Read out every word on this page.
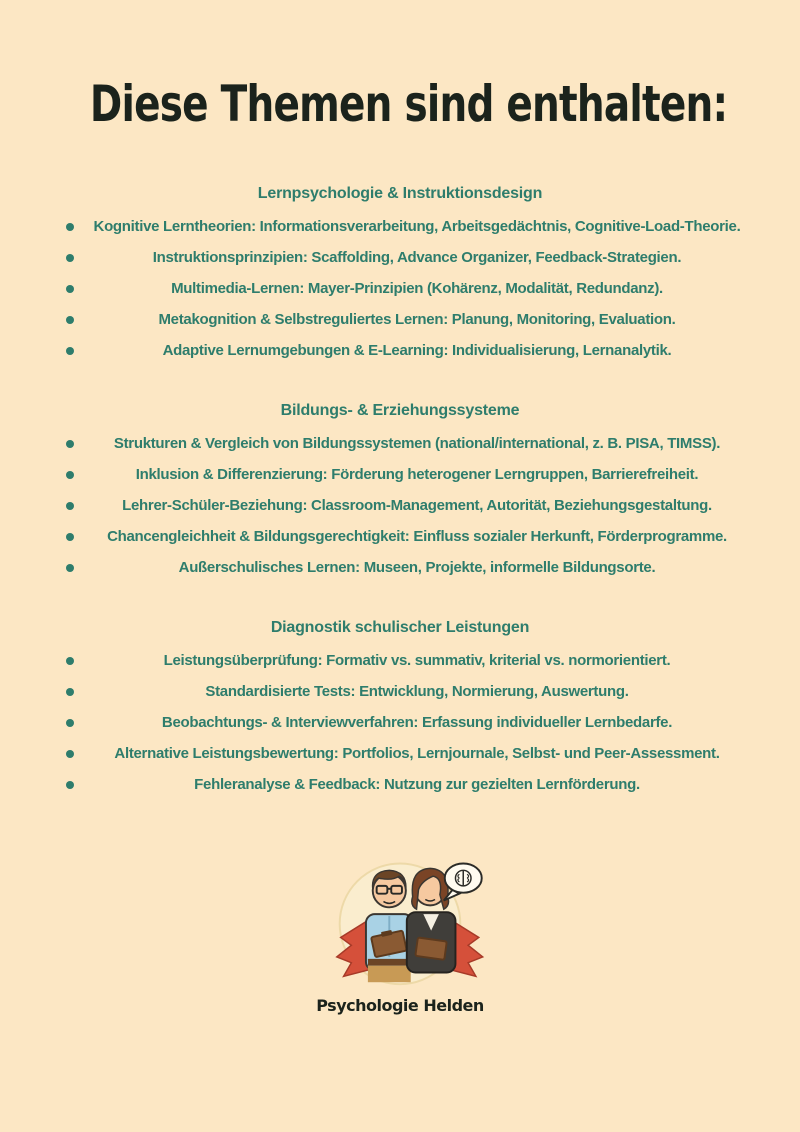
Diese Themen sind enthalten:
Lernpsychologie & Instruktionsdesign
Kognitive Lerntheorien: Informationsverarbeitung, Arbeitsgedächtnis, Cognitive-Load-Theorie.
Instruktionsprinzipien: Scaffolding, Advance Organizer, Feedback-Strategien.
Multimedia-Lernen: Mayer-Prinzipien (Kohärenz, Modalität, Redundanz).
Metakognition & Selbstreguliertes Lernen: Planung, Monitoring, Evaluation.
Adaptive Lernumgebungen & E-Learning: Individualisierung, Lernanalytik.
Bildungs- & Erziehungssysteme
Strukturen & Vergleich von Bildungssystemen (national/international, z. B. PISA, TIMSS).
Inklusion & Differenzierung: Förderung heterogener Lerngruppen, Barrierefreiheit.
Lehrer-Schüler-Beziehung: Classroom-Management, Autorität, Beziehungsgestaltung.
Chancengleichheit & Bildungsgerechtigkeit: Einfluss sozialer Herkunft, Förderprogramme.
Außerschulisches Lernen: Museen, Projekte, informelle Bildungsorte.
Diagnostik schulischer Leistungen
Leistungsüberprüfung: Formativ vs. summativ, kriterial vs. normorientiert.
Standardisierte Tests: Entwicklung, Normierung, Auswertung.
Beobachtungs- & Interviewverfahren: Erfassung individueller Lernbedarfe.
Alternative Leistungsbewertung: Portfolios, Lernjournale, Selbst- und Peer-Assessment.
Fehleranalyse & Feedback: Nutzung zur gezielten Lernförderung.
Psychologie Helden
